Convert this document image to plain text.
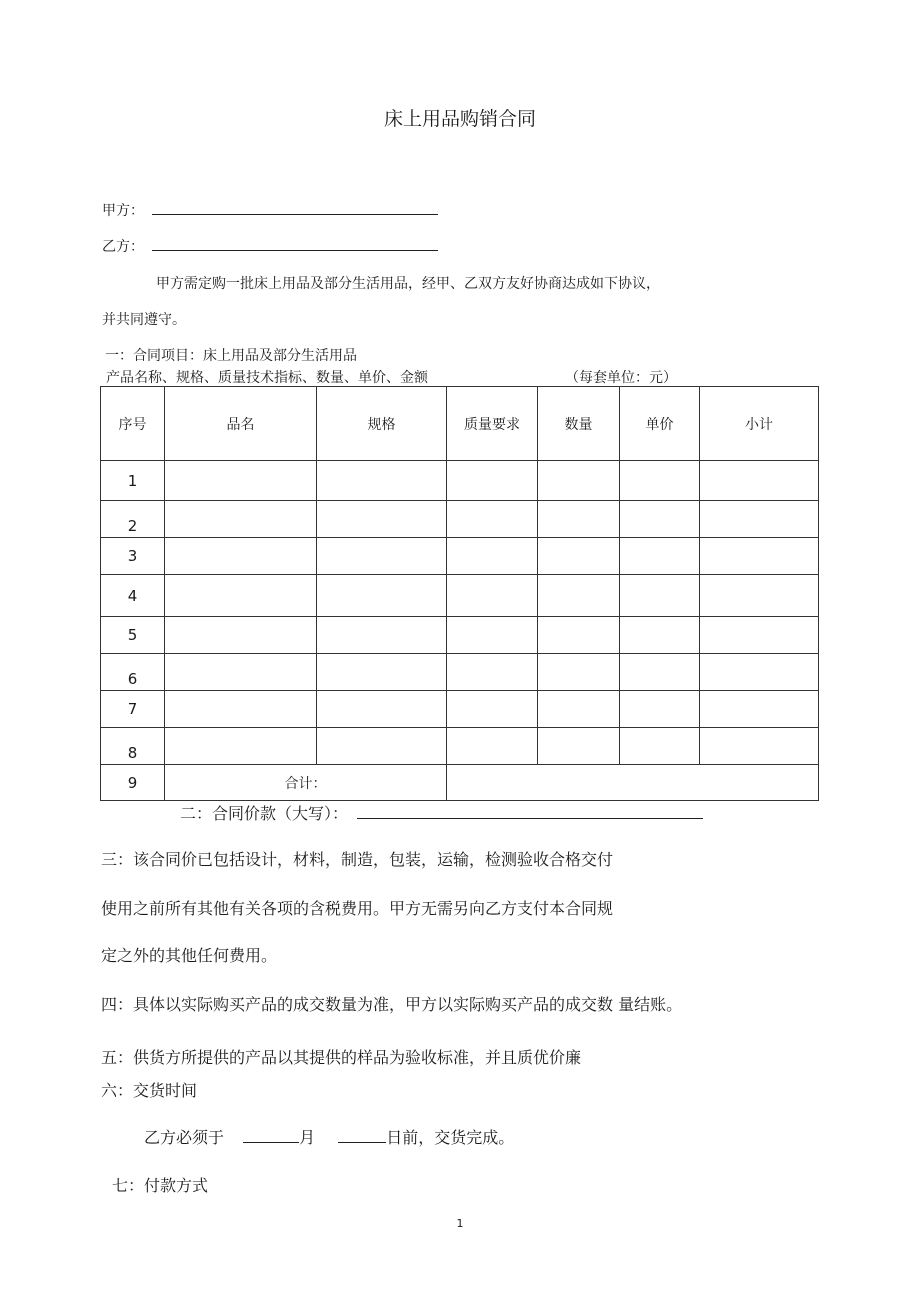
床上用品购销合同
甲方：
乙方：
甲方需定购一批床上用品及部分生活用品，经甲、乙双方友好协商达成如下协议，
并共同遵守。
一：合同项目：床上用品及部分生活用品
产品名称、规格、质量技术指标、数量、单价、金额	（每套单位：元）
序号	品名	规格	质量要求	数量	单价	小计
1						
2						
3						
4						
5						
6						
7						
8						
9	合计：					
二：合同价款（大写）：
三：该合同价已包括设计，材料，制造，包装，运输，检测验收合格交付
使用之前所有其他有关各项的含税费用。甲方无需另向乙方支付本合同规
定之外的其他任何费用。
四：具体以实际购买产品的成交数量为准，甲方以实际购买产品的成交数 量结账。
五：供货方所提供的产品以其提供的样品为验收标准，并且质优价廉
六：交货时间
乙方必须于	月	日前，交货完成。
七：付款方式
1
